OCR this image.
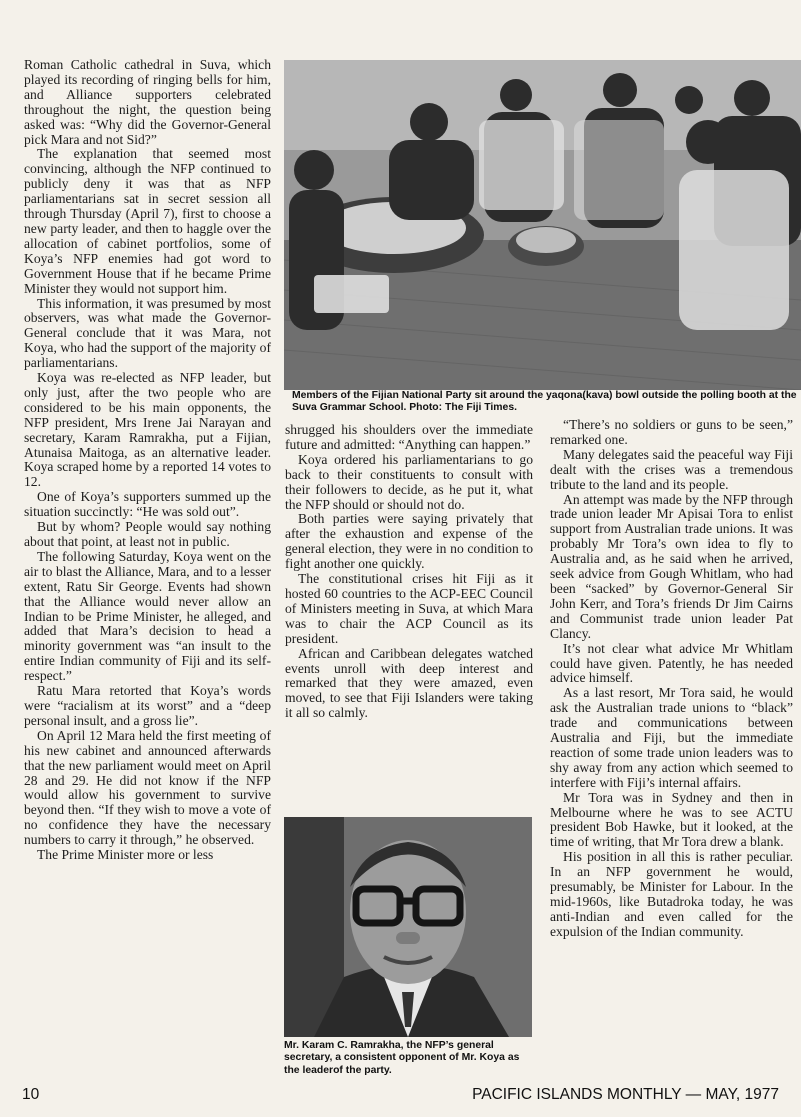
Roman Catholic cathedral in Suva, which played its recording of ringing bells for him, and Alliance supporters celebrated throughout the night, the question being asked was: “Why did the Governor-General pick Mara and not Sid?”

The explanation that seemed most convincing, although the NFP continued to publicly deny it was that as NFP parliamentarians sat in secret session all through Thursday (April 7), first to choose a new party leader, and then to haggle over the allocation of cabinet portfolios, some of Koya’s NFP enemies had got word to Government House that if he became Prime Minister they would not support him.

This information, it was presumed by most observers, was what made the Governor-General conclude that it was Mara, not Koya, who had the support of the majority of parliamentarians.

Koya was re-elected as NFP leader, but only just, after the two people who are considered to be his main opponents, the NFP president, Mrs Irene Jai Narayan and secretary, Karam Ramrakha, put a Fijian, Atunaisa Maitoga, as an alternative leader. Koya scraped home by a reported 14 votes to 12.

One of Koya’s supporters summed up the situation succinctly: “He was sold out”.

But by whom? People would say nothing about that point, at least not in public.

The following Saturday, Koya went on the air to blast the Alliance, Mara, and to a lesser extent, Ratu Sir George. Events had shown that the Alliance would never allow an Indian to be Prime Minister, he alleged, and added that Mara’s decision to head a minority government was “an insult to the entire Indian community of Fiji and its self-respect.”

Ratu Mara retorted that Koya’s words were “racialism at its worst” and a “deep personal insult, and a gross lie”.

On April 12 Mara held the first meeting of his new cabinet and announced afterwards that the new parliament would meet on April 28 and 29. He did not know if the NFP would allow his government to survive beyond then. “If they wish to move a vote of no confidence they have the necessary numbers to carry it through,” he observed.

The Prime Minister more or less

Members of the Fijian National Party sit around the yaqona(kava) bowl outside the polling booth at the Suva Grammar School. Photo: The Fiji Times.

shrugged his shoulders over the immediate future and admitted: “Anything can happen.”

Koya ordered his parliamentarians to go back to their constituents to consult with their followers to decide, as he put it, what the NFP should or should not do.

Both parties were saying privately that after the exhaustion and expense of the general election, they were in no condition to fight another one quickly.

The constitutional crises hit Fiji as it hosted 60 countries to the ACP-EEC Council of Ministers meeting in Suva, at which Mara was to chair the ACP Council as its president.

African and Caribbean delegates watched events unroll with deep interest and remarked that they were amazed, even moved, to see that Fiji Islanders were taking it all so calmly.

Mr. Karam C. Ramrakha, the NFP’s general secretary, a consistent opponent of Mr. Koya as the leaderof the party.

“There’s no soldiers or guns to be seen,” remarked one.

Many delegates said the peaceful way Fiji dealt with the crises was a tremendous tribute to the land and its people.

An attempt was made by the NFP through trade union leader Mr Apisai Tora to enlist support from Australian trade unions. It was probably Mr Tora’s own idea to fly to Australia and, as he said when he arrived, seek advice from Gough Whitlam, who had been “sacked” by Governor-General Sir John Kerr, and Tora’s friends Dr Jim Cairns and Communist trade union leader Pat Clancy.

It’s not clear what advice Mr Whitlam could have given. Patently, he has needed advice himself.

As a last resort, Mr Tora said, he would ask the Australian trade unions to “black” trade and communications between Australia and Fiji, but the immediate reaction of some trade union leaders was to shy away from any action which seemed to interfere with Fiji’s internal affairs.

Mr Tora was in Sydney and then in Melbourne where he was to see ACTU president Bob Hawke, but it looked, at the time of writing, that Mr Tora drew a blank.

His position in all this is rather peculiar. In an NFP government he would, presumably, be Minister for Labour. In the mid-1960s, like Butadroka today, he was anti-Indian and even called for the expulsion of the Indian community.

10	PACIFIC ISLANDS MONTHLY — MAY, 1977
